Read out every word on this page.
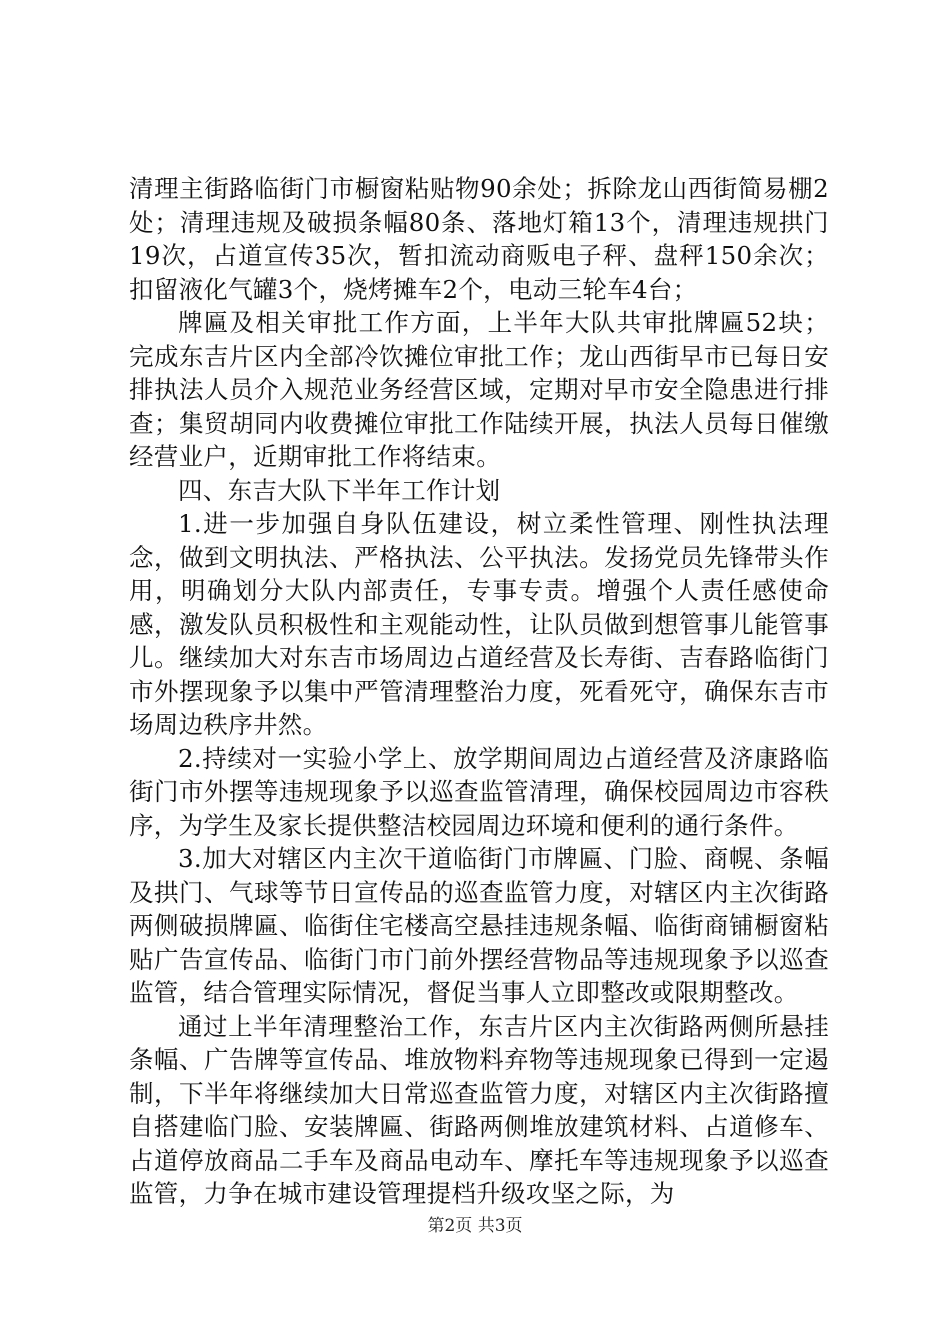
清理主街路临街门市橱窗粘贴物90余处；拆除龙山西街简易棚2处；清理违规及破损条幅80条、落地灯箱13个，清理违规拱门19次，占道宣传35次，暂扣流动商贩电子秤、盘秤150余次；扣留液化气罐3个，烧烤摊车2个，电动三轮车4台；

牌匾及相关审批工作方面，上半年大队共审批牌匾52块；完成东吉片区内全部冷饮摊位审批工作；龙山西街早市已每日安排执法人员介入规范业务经营区域，定期对早市安全隐患进行排查；集贸胡同内收费摊位审批工作陆续开展，执法人员每日催缴经营业户，近期审批工作将结束。

四、东吉大队下半年工作计划

1.进一步加强自身队伍建设，树立柔性管理、刚性执法理念，做到文明执法、严格执法、公平执法。发扬党员先锋带头作用，明确划分大队内部责任，专事专责。增强个人责任感使命感，激发队员积极性和主观能动性，让队员做到想管事儿能管事儿。继续加大对东吉市场周边占道经营及长寿街、吉春路临街门市外摆现象予以集中严管清理整治力度，死看死守，确保东吉市场周边秩序井然。

2.持续对一实验小学上、放学期间周边占道经营及济康路临街门市外摆等违规现象予以巡查监管清理，确保校园周边市容秩序，为学生及家长提供整洁校园周边环境和便利的通行条件。

3.加大对辖区内主次干道临街门市牌匾、门脸、商幌、条幅及拱门、气球等节日宣传品的巡查监管力度，对辖区内主次街路两侧破损牌匾、临街住宅楼高空悬挂违规条幅、临街商铺橱窗粘贴广告宣传品、临街门市门前外摆经营物品等违规现象予以巡查监管，结合管理实际情况，督促当事人立即整改或限期整改。

通过上半年清理整治工作，东吉片区内主次街路两侧所悬挂条幅、广告牌等宣传品、堆放物料弃物等违规现象已得到一定遏制，下半年将继续加大日常巡查监管力度，对辖区内主次街路擅自搭建临门脸、安装牌匾、街路两侧堆放建筑材料、占道修车、占道停放商品二手车及商品电动车、摩托车等违规现象予以巡查监管，力争在城市建设管理提档升级攻坚之际，为

第2页 共3页
